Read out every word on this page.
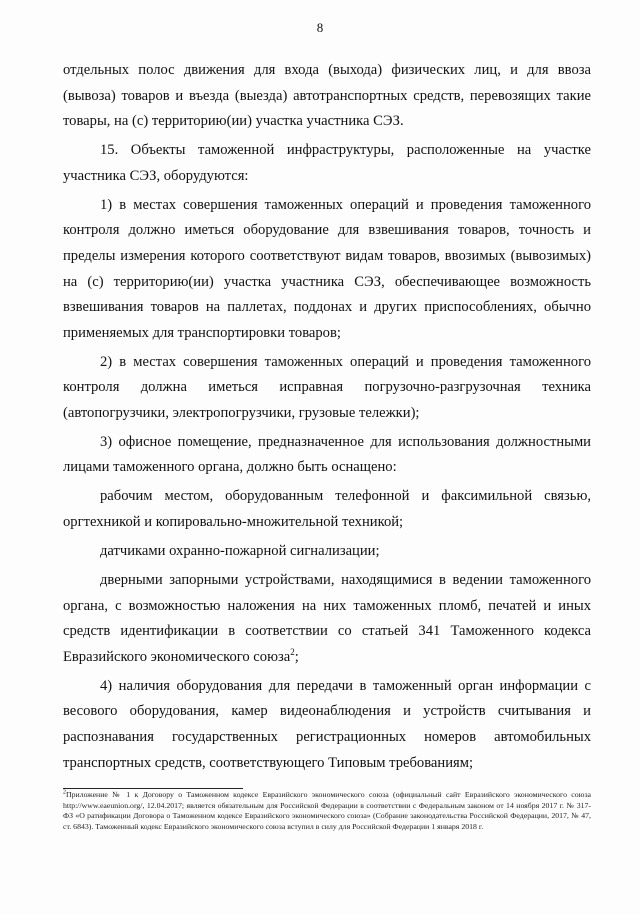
8

отдельных полос движения для входа (выхода) физических лиц, и для ввоза (вывоза) товаров и въезда (выезда) автотранспортных средств, перевозящих такие товары, на (с) территорию(ии) участка участника СЭЗ.

15. Объекты таможенной инфраструктуры, расположенные на участке участника СЭЗ, оборудуются:

1) в местах совершения таможенных операций и проведения таможенного контроля должно иметься оборудование для взвешивания товаров, точность и пределы измерения которого соответствуют видам товаров, ввозимых (вывозимых) на (с) территорию(ии) участка участника СЭЗ, обеспечивающее возможность взвешивания товаров на паллетах, поддонах и других приспособлениях, обычно применяемых для транспортировки товаров;

2) в местах совершения таможенных операций и проведения таможенного контроля должна иметься исправная погрузочно-разгрузочная техника (автопогрузчики, электропогрузчики, грузовые тележки);

3) офисное помещение, предназначенное для использования должностными лицами таможенного органа, должно быть оснащено:

рабочим местом, оборудованным телефонной и факсимильной связью, оргтехникой и копировально-множительной техникой;

датчиками охранно-пожарной сигнализации;

дверными запорными устройствами, находящимися в ведении таможенного органа, с возможностью наложения на них таможенных пломб, печатей и иных средств идентификации в соответствии со статьей 341 Таможенного кодекса Евразийского экономического союза$^2$;

4) наличия оборудования для передачи в таможенный орган информации с весового оборудования, камер видеонаблюдения и устройств считывания и распознавания государственных регистрационных номеров автомобильных транспортных средств, соответствующего Типовым требованиям;

$^2$Приложение № 1 к Договору о Таможенном кодексе Евразийского экономического союза (официальный сайт Евразийского экономического союза http://www.eaeunion.org/, 12.04.2017; является обязательным для Российской Федерации в соответствии с Федеральным законом от 14 ноября 2017 г. № 317-ФЗ «О ратификации Договора о Таможенном кодексе Евразийского экономического союза» (Собрание законодательства Российской Федерации, 2017, № 47, ст. 6843). Таможенный кодекс Евразийского экономического союза вступил в силу для Российской Федерации 1 января 2018 г.
